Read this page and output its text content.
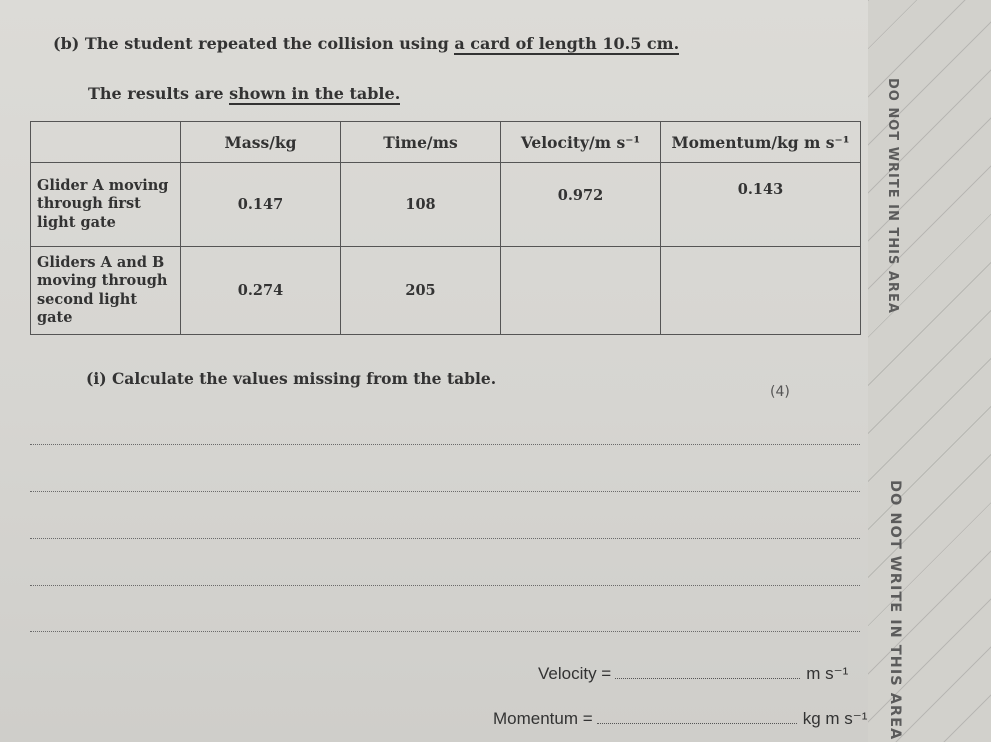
DO NOT WRITE IN THIS AREA
DO NOT WRITE IN THIS AREA
(b) The student repeated the collision using a card of length 10.5 cm.
The results are shown in the table.
	Mass/kg	Time/ms	Velocity/m s⁻¹	Momentum/kg m s⁻¹
Glider A moving through first light gate	0.147	108	0.972	0.143
Gliders A and B moving through second light gate	0.274	205		
(i) Calculate the values missing from the table.
(4)
Velocity =	m s⁻¹
Momentum =	kg m s⁻¹
